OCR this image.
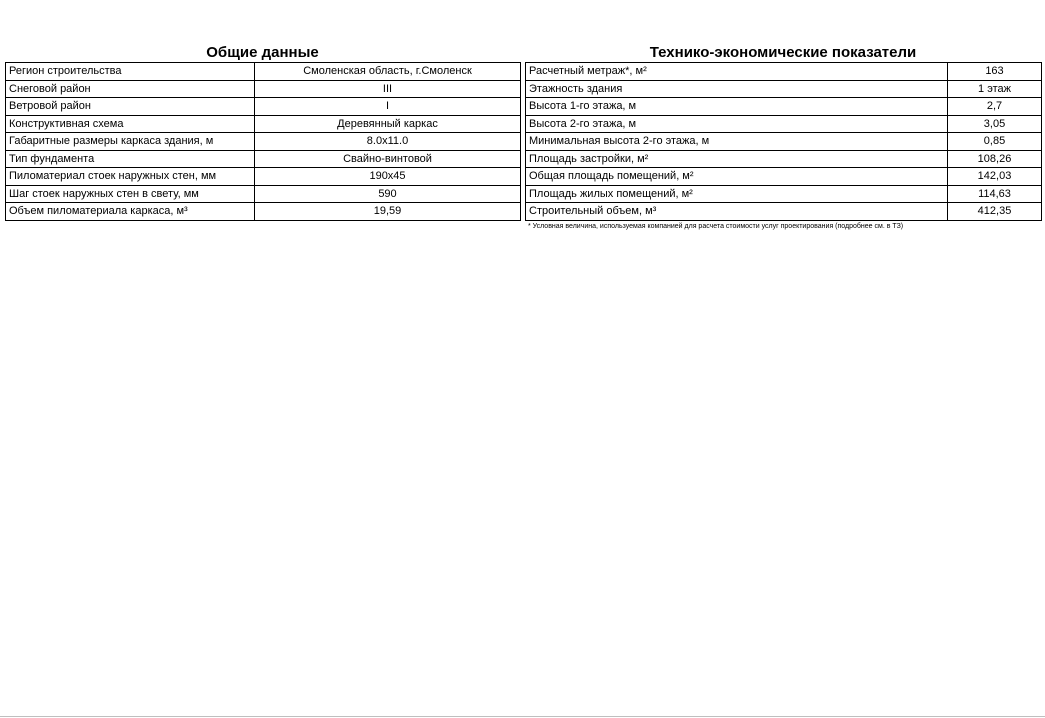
Общие данные
Регион строительства	Смоленская область, г.Смоленск
Снеговой район	III
Ветровой район	I
Конструктивная схема	Деревянный каркас
Габаритные размеры каркаса здания, м	8.0х11.0
Тип фундамента	Свайно-винтовой
Пиломатериал стоек наружных стен, мм	190х45
Шаг стоек наружных стен в свету, мм	590
Объем пиломатериала каркаса, м³	19,59
Технико-экономические показатели
Расчетный метраж*, м²	163
Этажность здания	1 этаж
Высота 1-го этажа, м	2,7
Высота 2-го этажа, м	3,05
Минимальная высота 2-го этажа, м	0,85
Площадь застройки, м²	108,26
Общая площадь помещений, м²	142,03
Площадь жилых помещений, м²	114,63
Строительный объем, м³	412,35
* Условная величина, используемая компанией для расчета стоимости услуг проектирования (подробнее см. в ТЗ)
